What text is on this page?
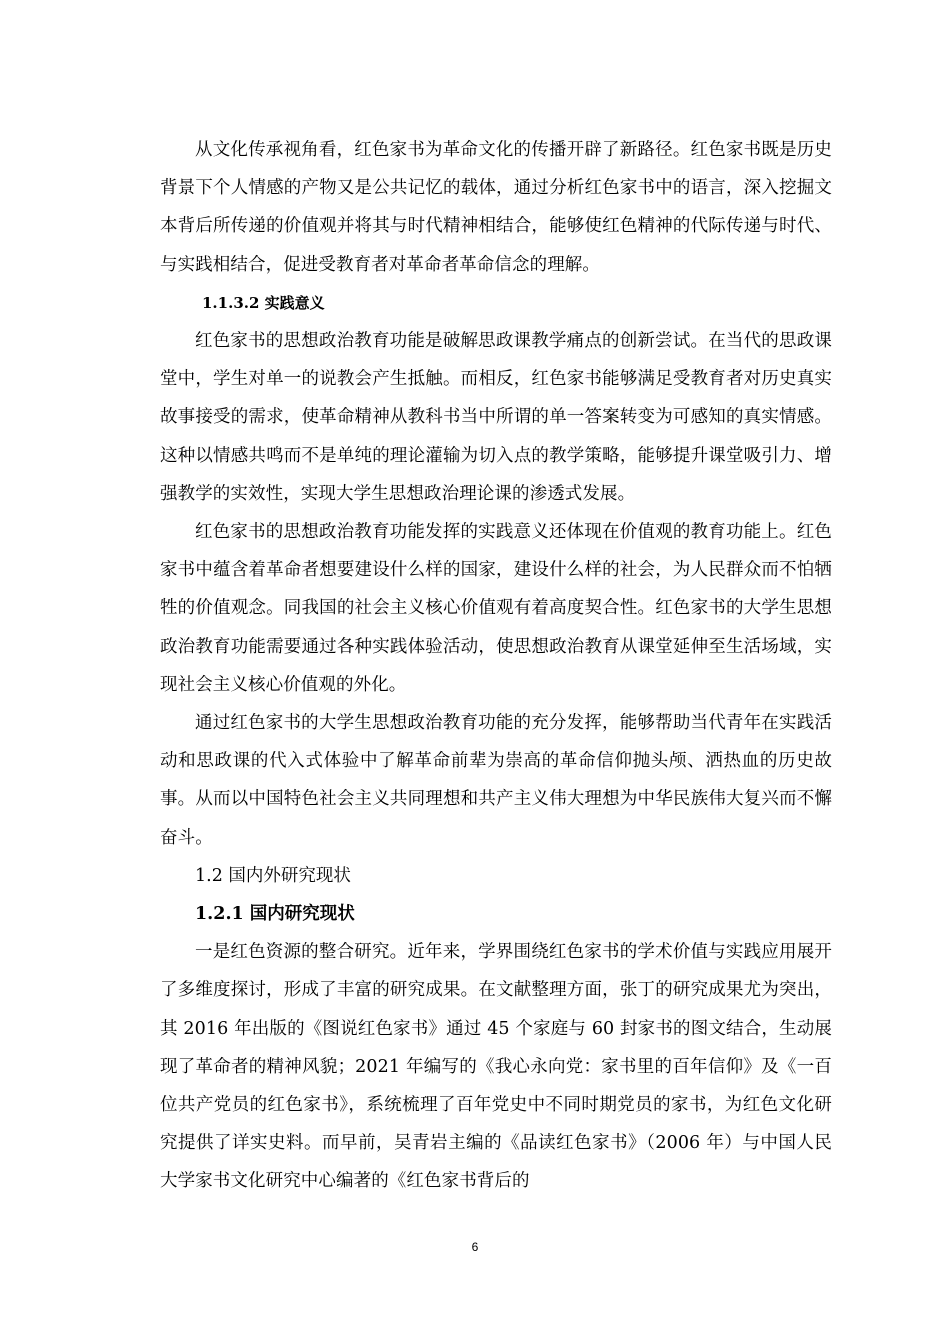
从文化传承视角看，红色家书为革命文化的传播开辟了新路径。红色家书既是历史背景下个人情感的产物又是公共记忆的载体，通过分析红色家书中的语言，深入挖掘文本背后所传递的价值观并将其与时代精神相结合，能够使红色精神的代际传递与时代、与实践相结合，促进受教育者对革命者革命信念的理解。

1.1.3.2 实践意义

红色家书的思想政治教育功能是破解思政课教学痛点的创新尝试。在当代的思政课堂中，学生对单一的说教会产生抵触。而相反，红色家书能够满足受教育者对历史真实故事接受的需求，使革命精神从教科书当中所谓的单一答案转变为可感知的真实情感。这种以情感共鸣而不是单纯的理论灌输为切入点的教学策略，能够提升课堂吸引力、增强教学的实效性，实现大学生思想政治理论课的渗透式发展。

红色家书的思想政治教育功能发挥的实践意义还体现在价值观的教育功能上。红色家书中蕴含着革命者想要建设什么样的国家，建设什么样的社会，为人民群众而不怕牺牲的价值观念。同我国的社会主义核心价值观有着高度契合性。红色家书的大学生思想政治教育功能需要通过各种实践体验活动，使思想政治教育从课堂延伸至生活场域，实现社会主义核心价值观的外化。

通过红色家书的大学生思想政治教育功能的充分发挥，能够帮助当代青年在实践活动和思政课的代入式体验中了解革命前辈为崇高的革命信仰抛头颅、洒热血的历史故事。从而以中国特色社会主义共同理想和共产主义伟大理想为中华民族伟大复兴而不懈奋斗。

1.2 国内外研究现状

1.2.1 国内研究现状

一是红色资源的整合研究。近年来，学界围绕红色家书的学术价值与实践应用展开了多维度探讨，形成了丰富的研究成果。在文献整理方面，张丁的研究成果尤为突出，其 2016 年出版的《图说红色家书》通过 45 个家庭与 60 封家书的图文结合，生动展现了革命者的精神风貌；2021 年编写的《我心永向党：家书里的百年信仰》及《一百位共产党员的红色家书》，系统梳理了百年党史中不同时期党员的家书，为红色文化研究提供了详实史料。而早前，吴青岩主编的《品读红色家书》（2006 年）与中国人民大学家书文化研究中心编著的《红色家书背后的

6
